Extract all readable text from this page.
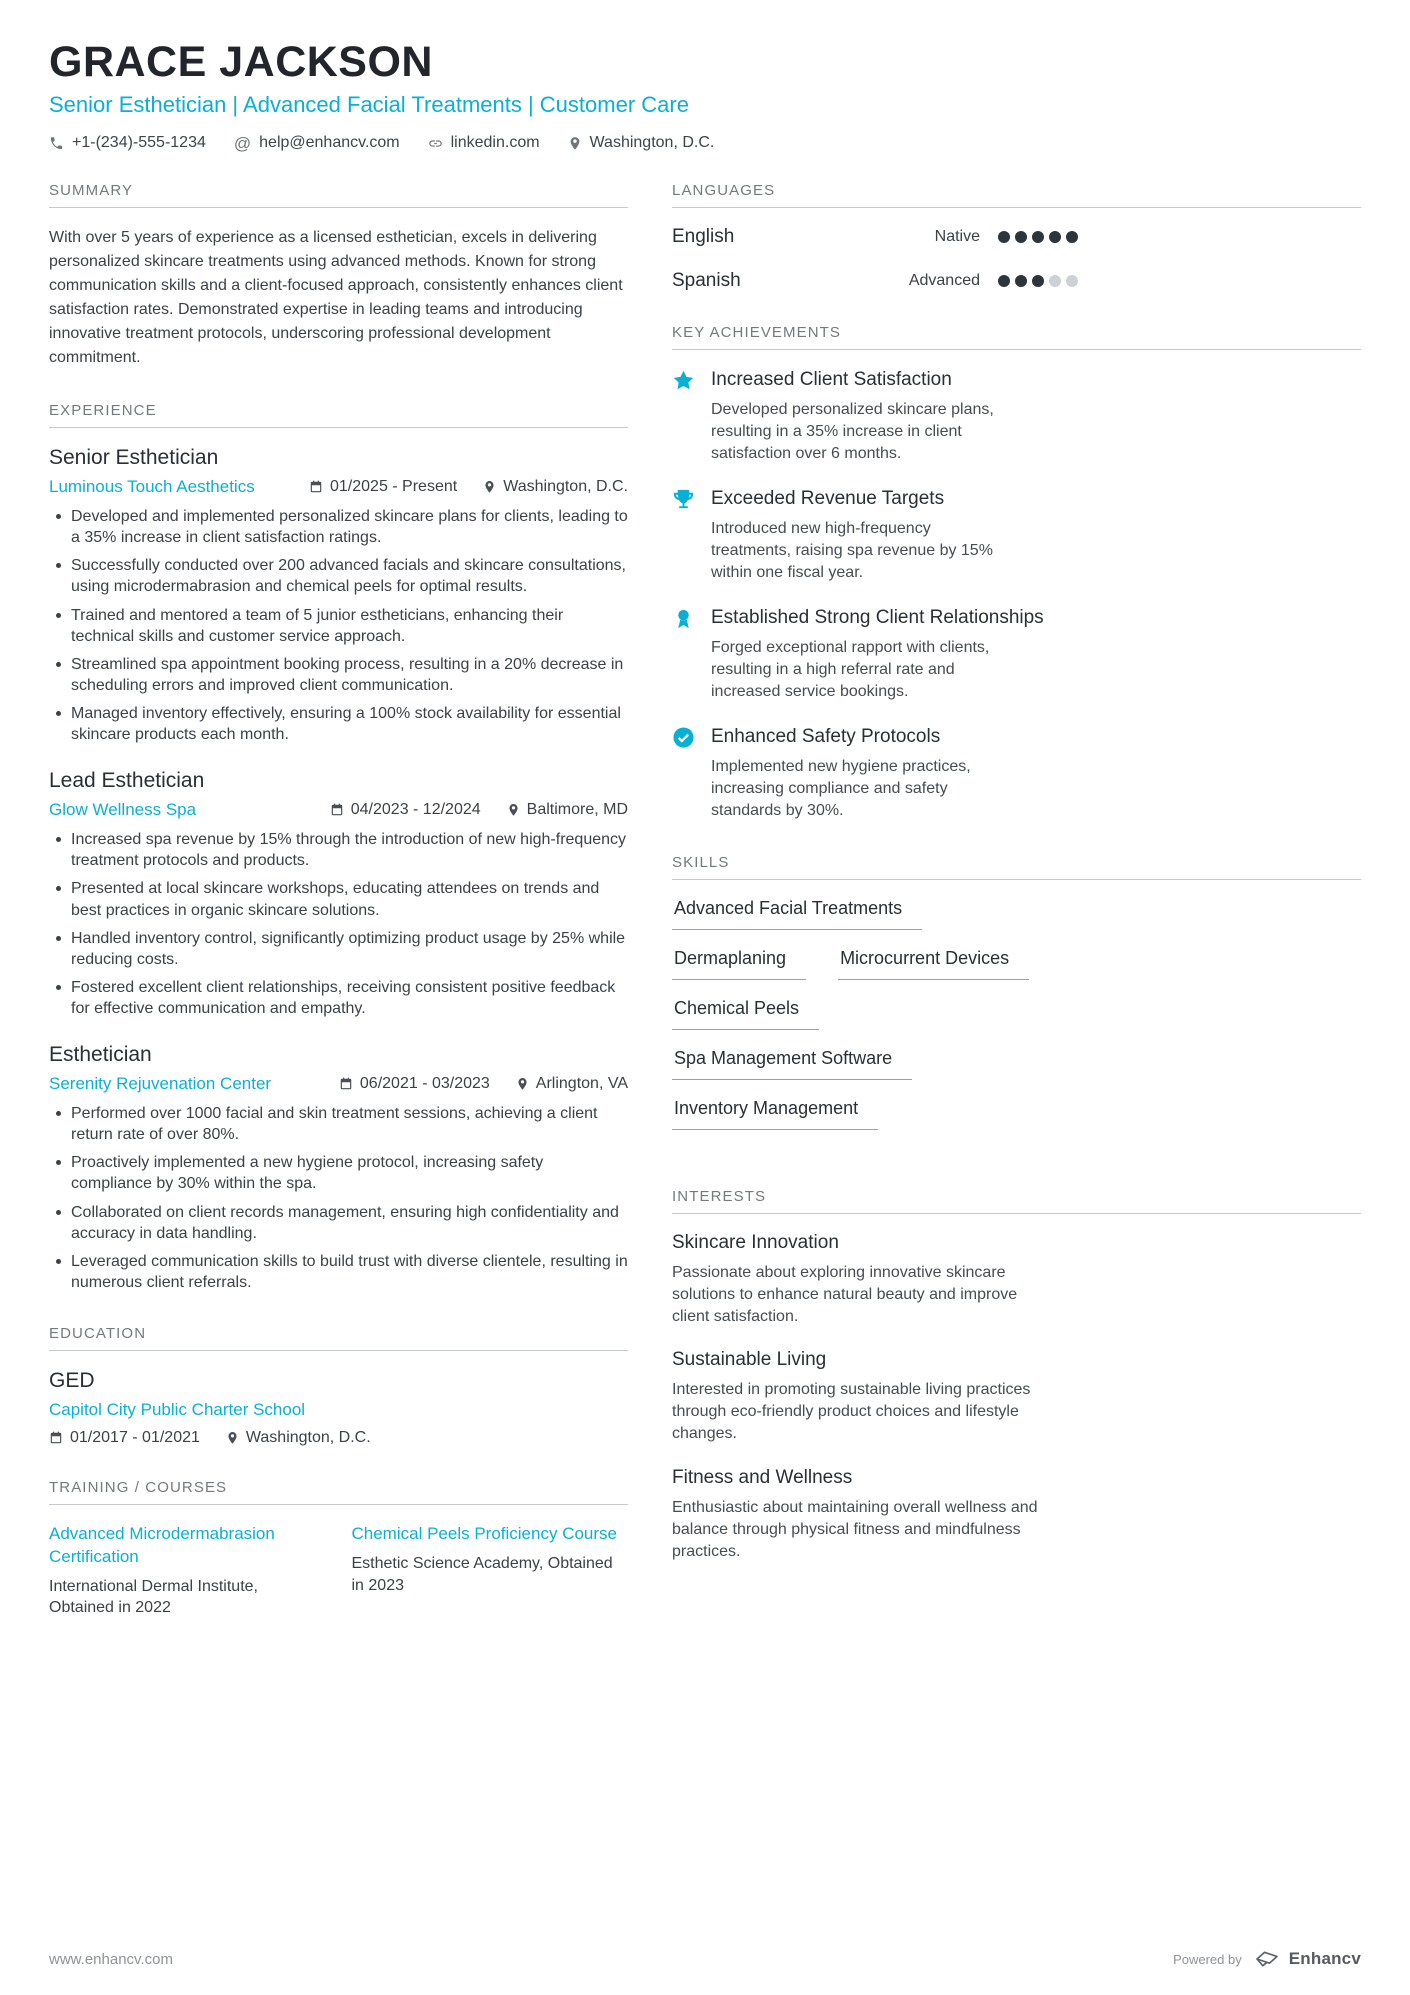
GRACE JACKSON
Senior Esthetician | Advanced Facial Treatments | Customer Care
+1-(234)-555-1234 @ help@enhancv.com	linkedin.com	Washington, D.C.
SUMMARY

With over 5 years of experience as a licensed esthetician, excels in delivering personalized skincare treatments using advanced methods. Known for strong communication skills and a client-focused approach, consistently enhances client satisfaction rates. Demonstrated expertise in leading teams and introducing innovative treatment protocols, underscoring professional development commitment.

EXPERIENCE
Senior Esthetician
Luminous Touch Aesthetics	01/2025 - Present	Washington, D.C.
Developed and implemented personalized skincare plans for clients, leading to a 35% increase in client satisfaction ratings.
Successfully conducted over 200 advanced facials and skincare consultations, using microdermabrasion and chemical peels for optimal results.
Trained and mentored a team of 5 junior estheticians, enhancing their technical skills and customer service approach.
Streamlined spa appointment booking process, resulting in a 20% decrease in scheduling errors and improved client communication.
Managed inventory effectively, ensuring a 100% stock availability for essential skincare products each month.
Lead Esthetician
Glow Wellness Spa	04/2023 - 12/2024	Baltimore, MD
Increased spa revenue by 15% through the introduction of new high-frequency treatment protocols and products.
Presented at local skincare workshops, educating attendees on trends and best practices in organic skincare solutions.
Handled inventory control, significantly optimizing product usage by 25% while reducing costs.
Fostered excellent client relationships, receiving consistent positive feedback for effective communication and empathy.
Esthetician
Serenity Rejuvenation Center	06/2021 - 03/2023	Arlington, VA
Performed over 1000 facial and skin treatment sessions, achieving a client return rate of over 80%.
Proactively implemented a new hygiene protocol, increasing safety compliance by 30% within the spa.
Collaborated on client records management, ensuring high confidentiality and accuracy in data handling.
Leveraged communication skills to build trust with diverse clientele, resulting in numerous client referrals.
EDUCATION
GED
Capitol City Public Charter School
01/2017 - 01/2021	Washington, D.C.
TRAINING / COURSES
Advanced Microdermabrasion Certification
International Dermal Institute, Obtained in 2022
Chemical Peels Proficiency Course
Esthetic Science Academy, Obtained in 2023
LANGUAGES
English	Native
Spanish	Advanced
KEY ACHIEVEMENTS
Increased Client Satisfaction
Developed personalized skincare plans, resulting in a 35% increase in client satisfaction over 6 months.
Exceeded Revenue Targets
Introduced new high-frequency treatments, raising spa revenue by 15% within one fiscal year.
Established Strong Client Relationships
Forged exceptional rapport with clients, resulting in a high referral rate and increased service bookings.
Enhanced Safety Protocols
Implemented new hygiene practices, increasing compliance and safety standards by 30%.
SKILLS
Advanced Facial Treatments
Dermaplaning	Microcurrent Devices
Chemical Peels
Spa Management Software
Inventory Management
INTERESTS
Skincare Innovation
Passionate about exploring innovative skincare solutions to enhance natural beauty and improve client satisfaction.
Sustainable Living
Interested in promoting sustainable living practices through eco-friendly product choices and lifestyle changes.
Fitness and Wellness
Enthusiastic about maintaining overall wellness and balance through physical fitness and mindfulness practices.
www.enhancv.com	Powered by	Enhancv
